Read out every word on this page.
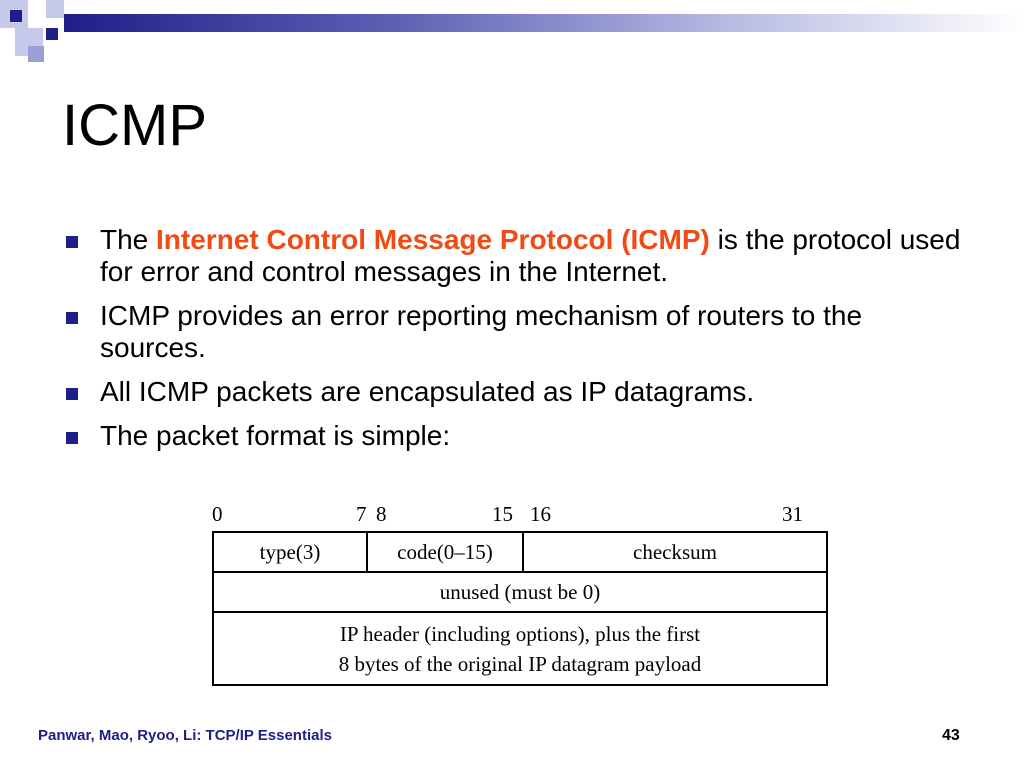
ICMP
The Internet Control Message Protocol (ICMP) is the protocol used for error and control messages in the Internet.
ICMP provides an error reporting mechanism of routers to the sources.
All ICMP packets are encapsulated as IP datagrams.
The packet format is simple:
0	7 8	15 16	31
type(3)	code(0–15)	checksum
unused (must be 0)
IP header (including options), plus the first
8 bytes of the original IP datagram payload
Panwar, Mao, Ryoo, Li: TCP/IP Essentials	43
